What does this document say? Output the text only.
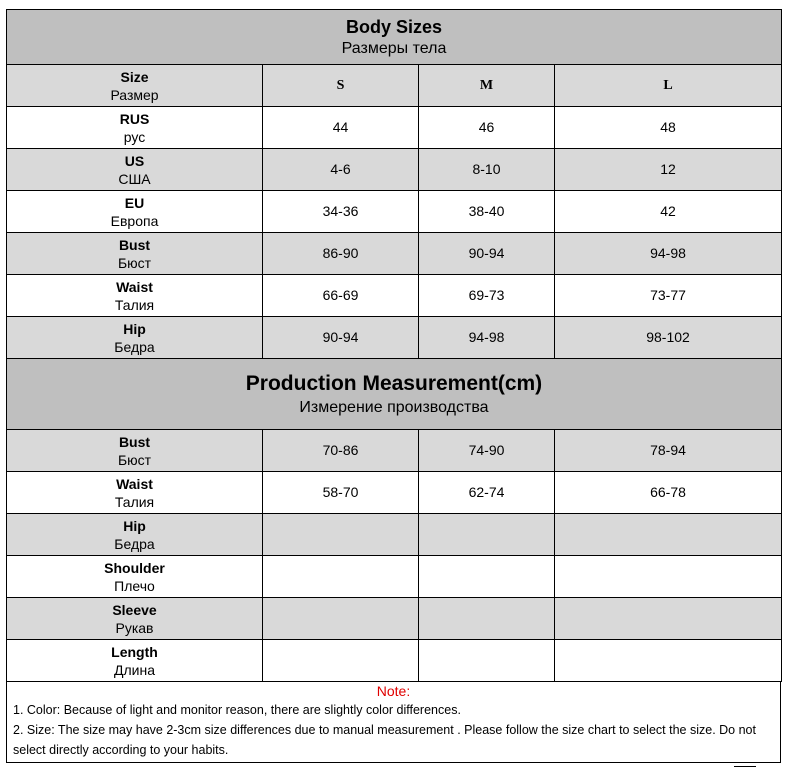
Body Sizes
Размеры тела			

Size
Размер	S	M	L

RUS
рус	44	46	48

US
США	4-6	8-10	12

EU
Европа	34-36	38-40	42

Bust
Бюст	86-90	90-94	94-98

Waist
Талия	66-69	69-73	73-77

Hip
Бедра	90-94	94-98	98-102

Production Measurement(cm)
Измерение производства			

Bust
Бюст	70-86	74-90	78-94

Waist
Талия	58-70	62-74	66-78

Hip
Бедра			

Shoulder
Плечо			

Sleeve
Рукав			

Length
Длина			

Note:
1. Color: Because of light and monitor reason, there are slightly color differences.
2. Size: The size may have 2-3cm size differences due to manual measurement . Please follow the size chart to select the size. Do not select directly according to your habits.
